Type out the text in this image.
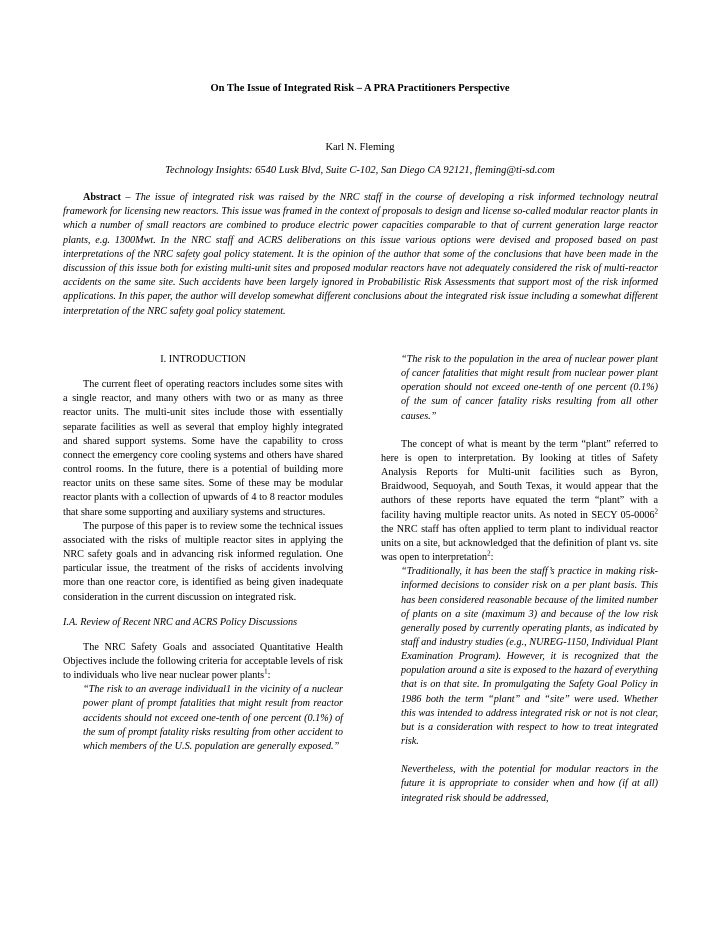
On The Issue of Integrated Risk – A PRA Practitioners Perspective
Karl N. Fleming
Technology Insights: 6540 Lusk Blvd, Suite C-102, San Diego CA 92121, fleming@ti-sd.com

Abstract – The issue of integrated risk was raised by the NRC staff in the course of developing a risk informed technology neutral framework for licensing new reactors. This issue was framed in the context of proposals to design and license so-called modular reactor plants in which a number of small reactors are combined to produce electric power capacities comparable to that of current generation large reactor plants, e.g. 1300Mwt. In the NRC staff and ACRS deliberations on this issue various options were devised and proposed based on past interpretations of the NRC safety goal policy statement. It is the opinion of the author that some of the conclusions that have been made in the discussion of this issue both for existing multi-unit sites and proposed modular reactors have not adequately considered the risk of multi-reactor accidents on the same site. Such accidents have been largely ignored in Probabilistic Risk Assessments that support most of the risk informed applications. In this paper, the author will develop somewhat different conclusions about the integrated risk issue including a somewhat different interpretation of the NRC safety goal policy statement.

I. INTRODUCTION

The current fleet of operating reactors includes some sites with a single reactor, and many others with two or as many as three reactor units. The multi-unit sites include those with essentially separate facilities as well as several that employ highly integrated and shared support systems. Some have the capability to cross connect the emergency core cooling systems and others have shared control rooms. In the future, there is a potential of building more reactor units on these same sites. Some of these may be modular reactor plants with a collection of upwards of 4 to 8 reactor modules that share some supporting and auxiliary systems and structures.

The purpose of this paper is to review some the technical issues associated with the risks of multiple reactor sites in applying the NRC safety goals and in advancing risk informed regulation. One particular issue, the treatment of the risks of accidents involving more than one reactor core, is identified as being given inadequate consideration in the current discussion on integrated risk.

I.A. Review of Recent NRC and ACRS Policy Discussions

The NRC Safety Goals and associated Quantitative Health Objectives include the following criteria for acceptable levels of risk to individuals who live near nuclear power plants$^1$:

“The risk to an average individual1 in the vicinity of a nuclear power plant of prompt fatalities that might result from reactor accidents should not exceed one-tenth of one percent (0.1%) of the sum of prompt fatality risks resulting from other accident to which members of the U.S. population are generally exposed.”

“The risk to the population in the area of nuclear power plant of cancer fatalities that might result from nuclear power plant operation should not exceed one-tenth of one percent (0.1%) of the sum of cancer fatality risks resulting from all other causes.”

The concept of what is meant by the term “plant” referred to here is open to interpretation. By looking at titles of Safety Analysis Reports for Multi-unit facilities such as Byron, Braidwood, Sequoyah, and South Texas, it would appear that the authors of these reports have equated the term “plant” with a facility having multiple reactor units. As noted in SECY 05-0006$^2$ the NRC staff has often applied to term plant to individual reactor units on a site, but acknowledged that the definition of plant vs. site was open to interpretation$^2$:

“Traditionally, it has been the staff’s practice in making risk-informed decisions to consider risk on a per plant basis. This has been considered reasonable because of the limited number of plants on a site (maximum 3) and because of the low risk generally posed by currently operating plants, as indicated by staff and industry studies (e.g., NUREG-1150, Individual Plant Examination Program). However, it is recognized that the population around a site is exposed to the hazard of everything that is on that site. In promulgating the Safety Goal Policy in 1986 both the term “plant” and “site” were used. Whether this was intended to address integrated risk or not is not clear, but is a consideration with respect to how to treat integrated risk.

Nevertheless, with the potential for modular reactors in the future it is appropriate to consider when and how (if at all) integrated risk should be addressed,
